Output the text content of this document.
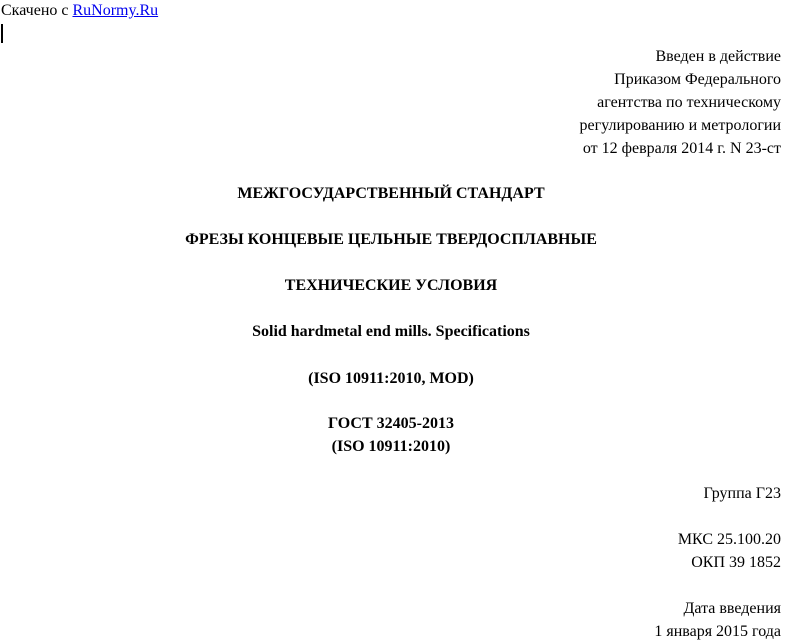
Скачено с RuNormy.Ru
Введен в действие
Приказом Федерального
агентства по техническому
регулированию и метрологии
от 12 февраля 2014 г. N 23-ст
МЕЖГОСУДАРСТВЕННЫЙ СТАНДАРТ
ФРЕЗЫ КОНЦЕВЫЕ ЦЕЛЬНЫЕ ТВЕРДОСПЛАВНЫЕ
ТЕХНИЧЕСКИЕ УСЛОВИЯ
Solid hardmetal end mills. Specifications
(ISO 10911:2010, MOD)
ГОСТ 32405-2013
(ISO 10911:2010)
Группа Г23
МКС 25.100.20
ОКП 39 1852
Дата введения
1 января 2015 года
